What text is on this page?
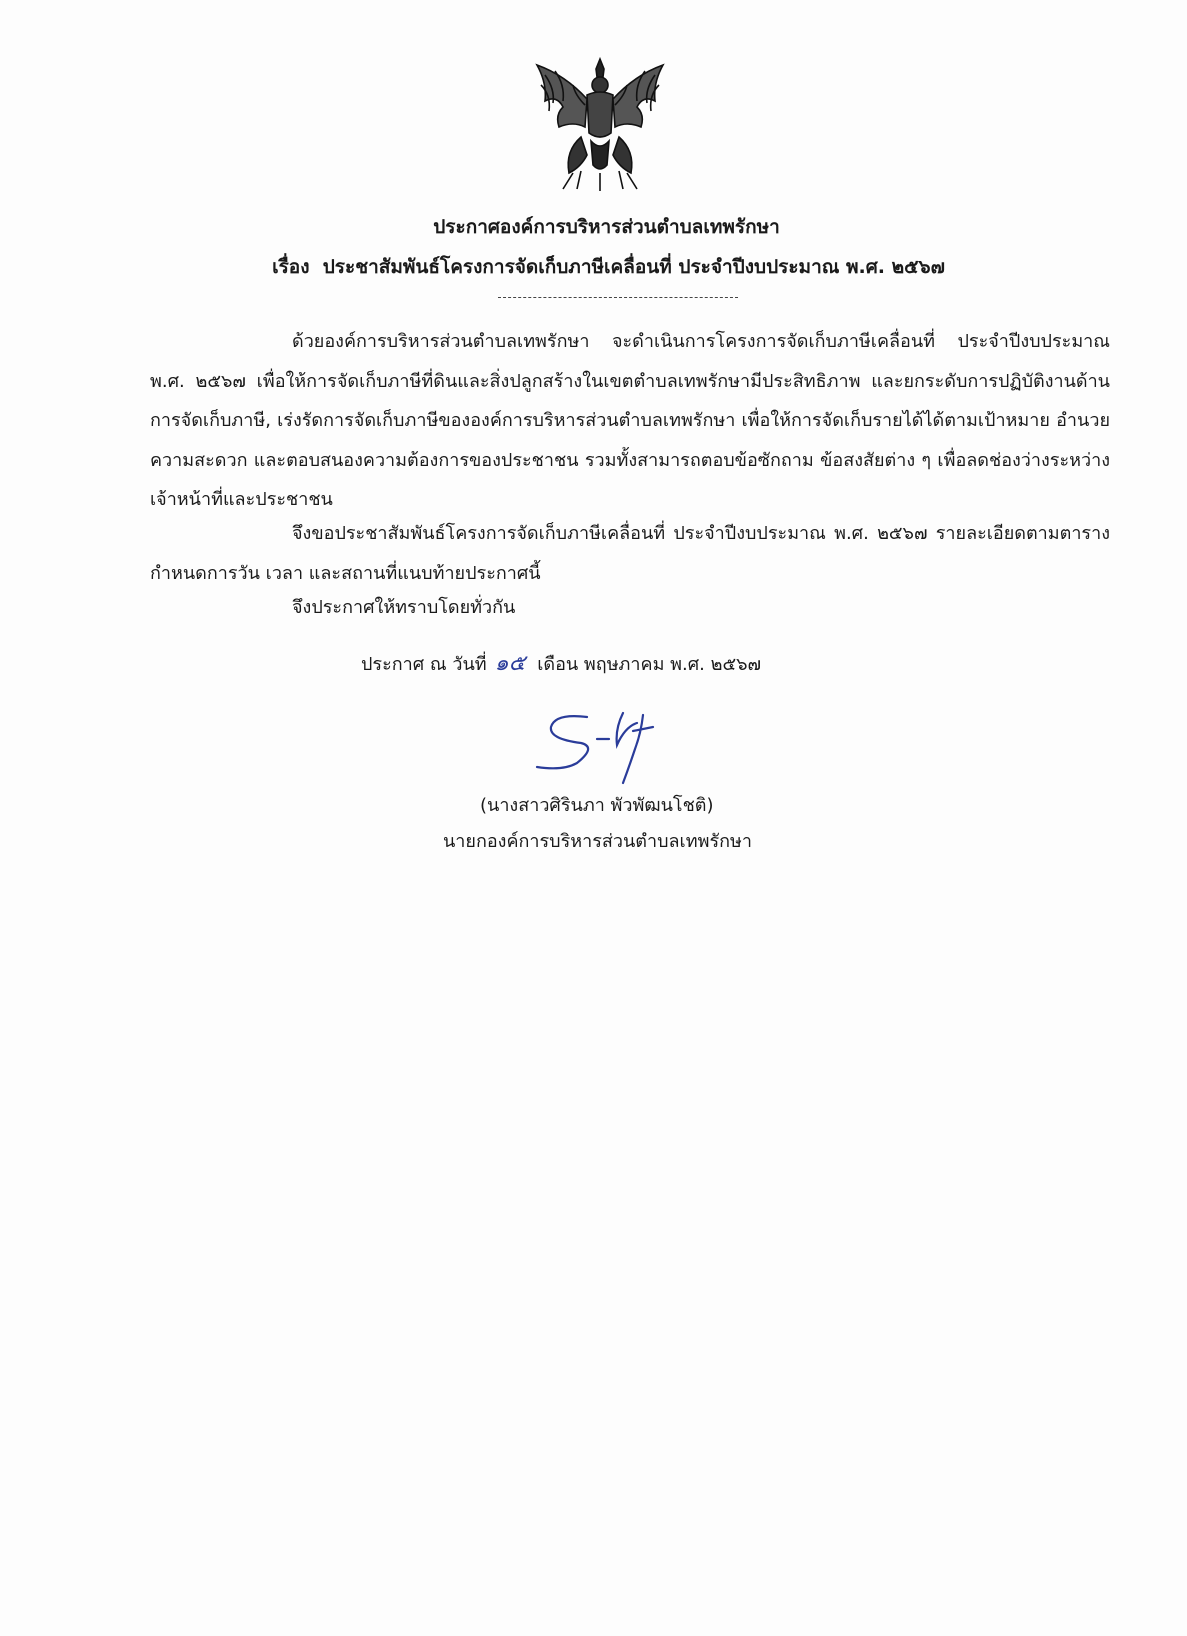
ประกาศองค์การบริหารส่วนตำบลเทพรักษา
เรื่อง ประชาสัมพันธ์โครงการจัดเก็บภาษีเคลื่อนที่ ประจำปีงบประมาณ พ.ศ. ๒๕๖๗
ด้วยองค์การบริหารส่วนตำบลเทพรักษา จะดำเนินการโครงการจัดเก็บภาษีเคลื่อนที่ ประจำปีงบประมาณ พ.ศ. ๒๕๖๗ เพื่อให้การจัดเก็บภาษีที่ดินและสิ่งปลูกสร้างในเขตตำบลเทพรักษามีประสิทธิภาพ และยกระดับการปฏิบัติงานด้านการจัดเก็บภาษี, เร่งรัดการจัดเก็บภาษีขององค์การบริหารส่วนตำบลเทพรักษา เพื่อให้การจัดเก็บรายได้ได้ตามเป้าหมาย อำนวยความสะดวก และตอบสนองความต้องการของประชาชน รวมทั้งสามารถตอบข้อซักถาม ข้อสงสัยต่าง ๆ เพื่อลดช่องว่างระหว่างเจ้าหน้าที่และประชาชน
จึงขอประชาสัมพันธ์โครงการจัดเก็บภาษีเคลื่อนที่ ประจำปีงบประมาณ พ.ศ. ๒๕๖๗ รายละเอียดตามตารางกำหนดการวัน เวลา และสถานที่แนบท้ายประกาศนี้
จึงประกาศให้ทราบโดยทั่วกัน
ประกาศ ณ วันที่ ๑๕ เดือน พฤษภาคม พ.ศ. ๒๕๖๗
(นางสาวศิรินภา พัวพัฒนโชติ)
นายกองค์การบริหารส่วนตำบลเทพรักษา
